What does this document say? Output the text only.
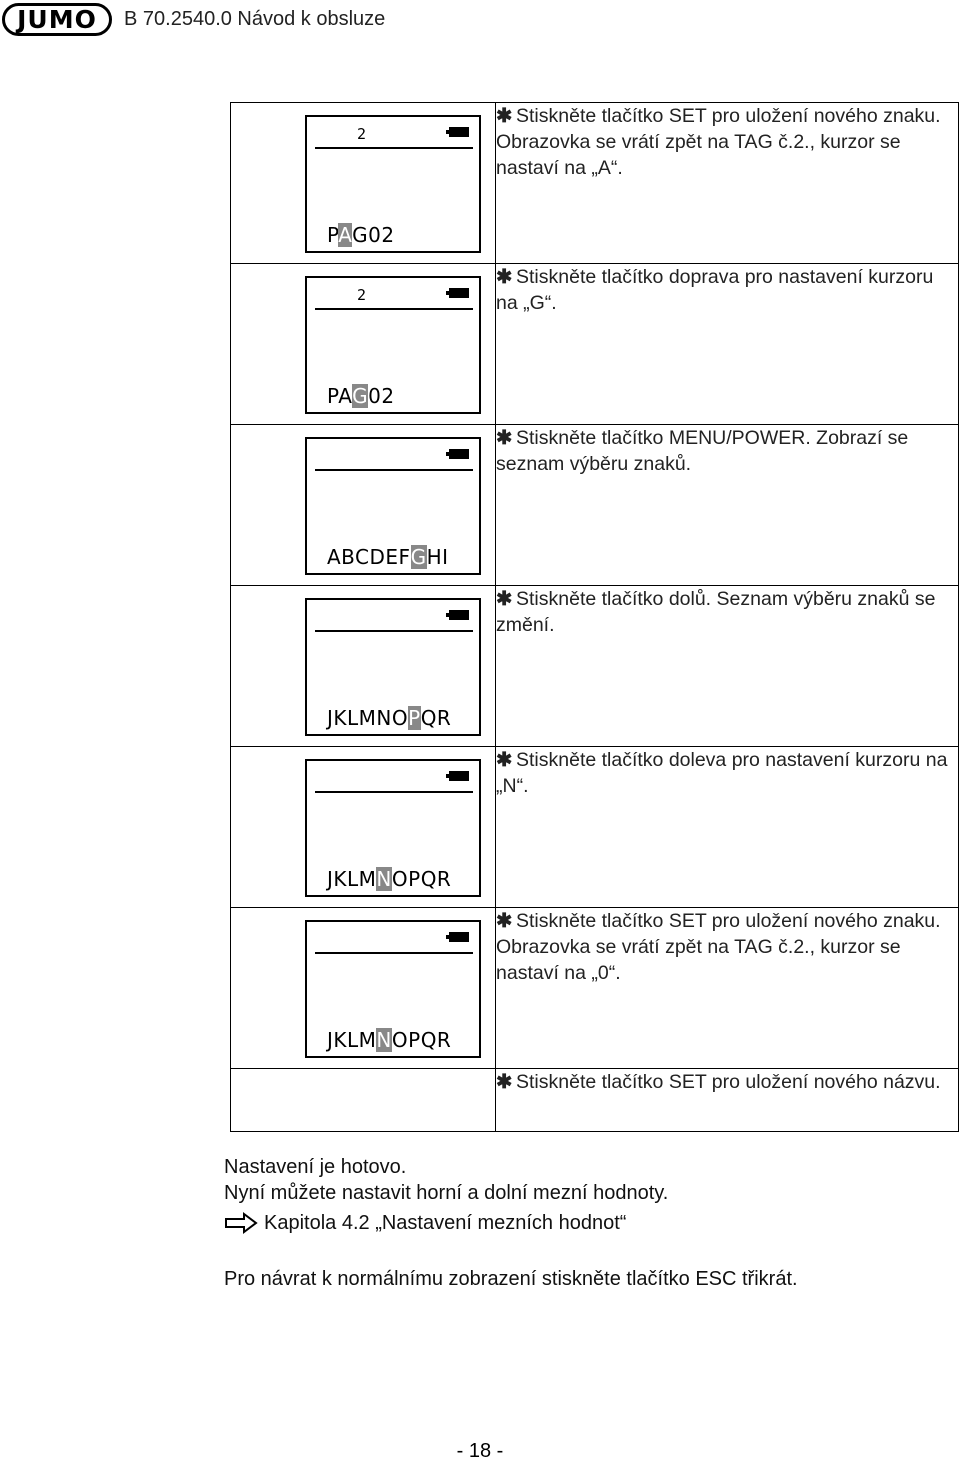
JUMO	B 70.2540.0 Návod k obsluze
2
PAG02	✱ Stiskněte tlačítko SET pro uložení nového znaku. Obrazovka se vrátí zpět na TAG č.2., kurzor se nastaví na „A“.

2
PAG02	✱ Stiskněte tlačítko doprava pro nastavení kurzoru na „G“.

ABCDEFGHI	✱ Stiskněte tlačítko MENU/POWER. Zobrazí se seznam výběru znaků.

JKLMNOPQR	✱ Stiskněte tlačítko dolů. Seznam výběru znaků se změní.

JKLMNOPQR	✱ Stiskněte tlačítko doleva pro nastavení kurzoru na „N“.

JKLMNOPQR	✱ Stiskněte tlačítko SET pro uložení nového znaku. Obrazovka se vrátí zpět na TAG č.2., kurzor se nastaví na „0“.
	✱ Stiskněte tlačítko SET pro uložení nového názvu.

Nastavení je hotovo.

Nyní můžete nastavit horní a dolní mezní hodnoty.

Kapitola 4.2 „Nastavení mezních hodnot“

Pro návrat k normálnímu zobrazení stiskněte tlačítko ESC třikrát.

- 18 -
